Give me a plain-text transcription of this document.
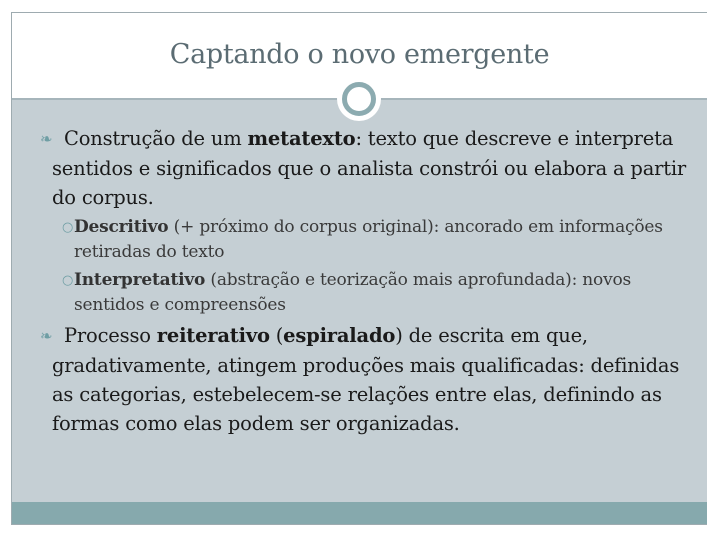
Captando o novo emergente
❧ Construção de um metatexto: texto que descreve e interpreta sentidos e significados que o analista constrói ou elabora a partir do corpus.
○Descritivo (+ próximo do corpus original): ancorado em informações retiradas do texto
○Interpretativo (abstração e teorização mais aprofundada): novos sentidos e compreensões
❧ Processo reiterativo (espiralado) de escrita em que, gradativamente, atingem produções mais qualificadas: definidas as categorias, estebelecem-se relações entre elas, definindo as formas como elas podem ser organizadas.
